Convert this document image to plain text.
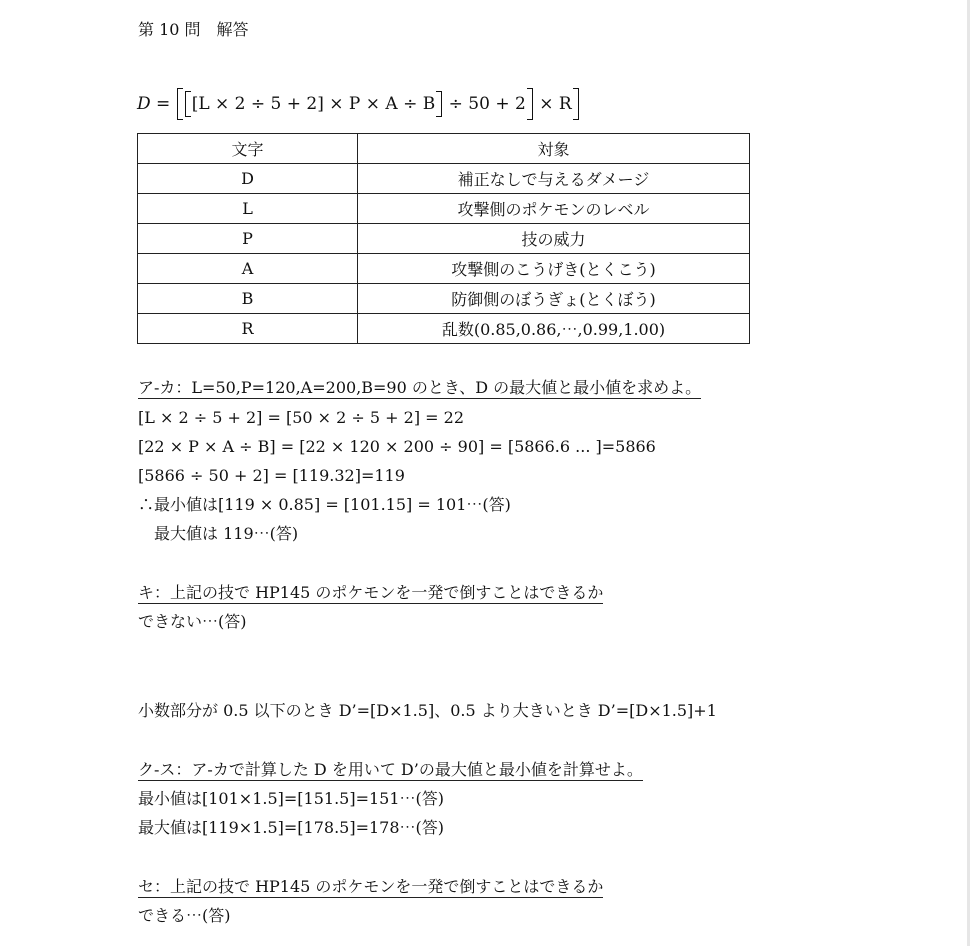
第 10 問　解答
D = [L × 2 ÷ 5 + 2] × P × A ÷ B ÷ 50 + 2 × R
文字	対象
D	補正なしで与えるダメージ
L	攻撃側のポケモンのレベル
P	技の威力
A	攻撃側のこうげき(とくこう)
B	防御側のぼうぎょ(とくぼう)
R	乱数(0.85,0.86,⋯,0.99,1.00)
ア-カ：L=50,P=120,A=200,B=90 のとき、D の最大値と最小値を求めよ。
[L × 2 ÷ 5 + 2] = [50 × 2 ÷ 5 + 2] = 22
[22 × P × A ÷ B] = [22 × 120 × 200 ÷ 90] = [5866.6 ... ]=5866
[5866 ÷ 50 + 2] = [119.32]=119
∴最小値は[119 × 0.85] = [101.15] = 101⋯(答)
　最大値は 119⋯(答)
キ：上記の技で HP145 のポケモンを一発で倒すことはできるか
できない⋯(答)
小数部分が 0.5 以下のとき D’=[D×1.5]、0.5 より大きいとき D’=[D×1.5]+1
ク-ス：ア-カで計算した D を用いて D’の最大値と最小値を計算せよ。
最小値は[101×1.5]=[151.5]=151⋯(答)
最大値は[119×1.5]=[178.5]=178⋯(答)
セ：上記の技で HP145 のポケモンを一発で倒すことはできるか
できる⋯(答)
